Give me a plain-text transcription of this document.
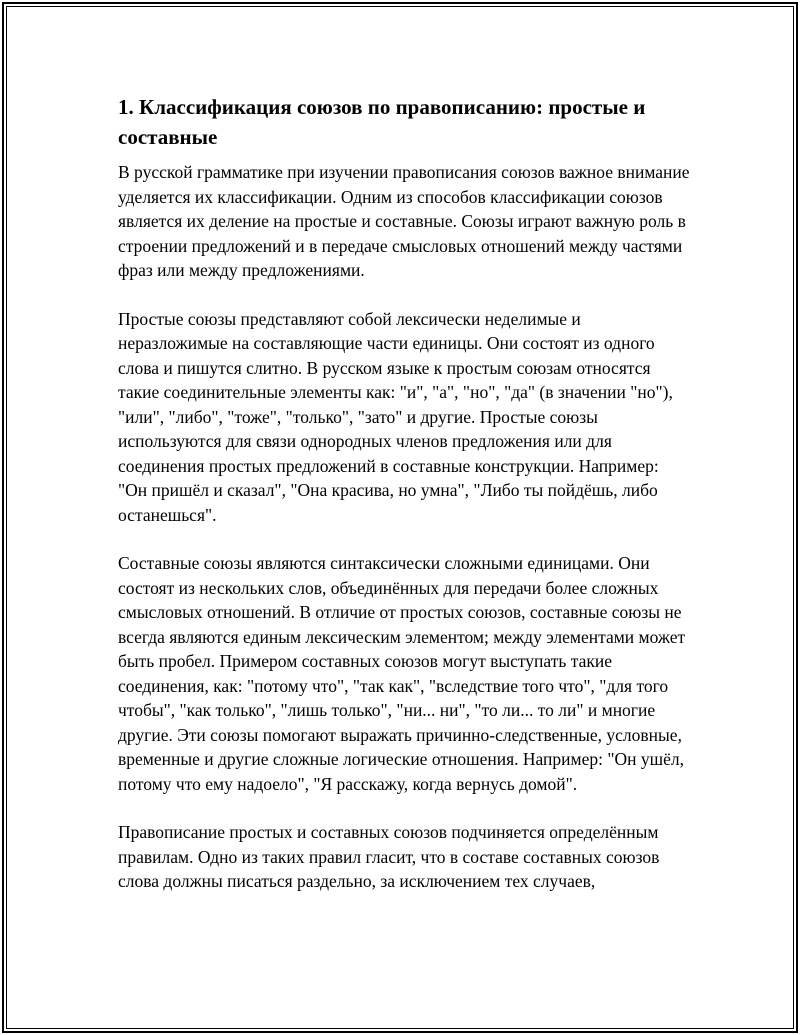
1. Классификация союзов по правописанию: простые и составные

В русской грамматике при изучении правописания союзов важное внимание уделяется их классификации. Одним из способов классификации союзов является их деление на простые и составные. Союзы играют важную роль в строении предложений и в передаче смысловых отношений между частями фраз или между предложениями.

Простые союзы представляют собой лексически неделимые и неразложимые на составляющие части единицы. Они состоят из одного слова и пишутся слитно. В русском языке к простым союзам относятся такие соединительные элементы как: "и", "а", "но", "да" (в значении "но"), "или", "либо", "тоже", "только", "зато" и другие. Простые союзы используются для связи однородных членов предложения или для соединения простых предложений в составные конструкции. Например: "Он пришёл и сказал", "Она красива, но умна", "Либо ты пойдёшь, либо останешься".

Составные союзы являются синтаксически сложными единицами. Они состоят из нескольких слов, объединённых для передачи более сложных смысловых отношений. В отличие от простых союзов, составные союзы не всегда являются единым лексическим элементом; между элементами может быть пробел. Примером составных союзов могут выступать такие соединения, как: "потому что", "так как", "вследствие того что", "для того чтобы", "как только", "лишь только", "ни... ни", "то ли... то ли" и многие другие. Эти союзы помогают выражать причинно-следственные, условные, временные и другие сложные логические отношения. Например: "Он ушёл, потому что ему надоело", "Я расскажу, когда вернусь домой".

Правописание простых и составных союзов подчиняется определённым правилам. Одно из таких правил гласит, что в составе составных союзов слова должны писаться раздельно, за исключением тех случаев,
